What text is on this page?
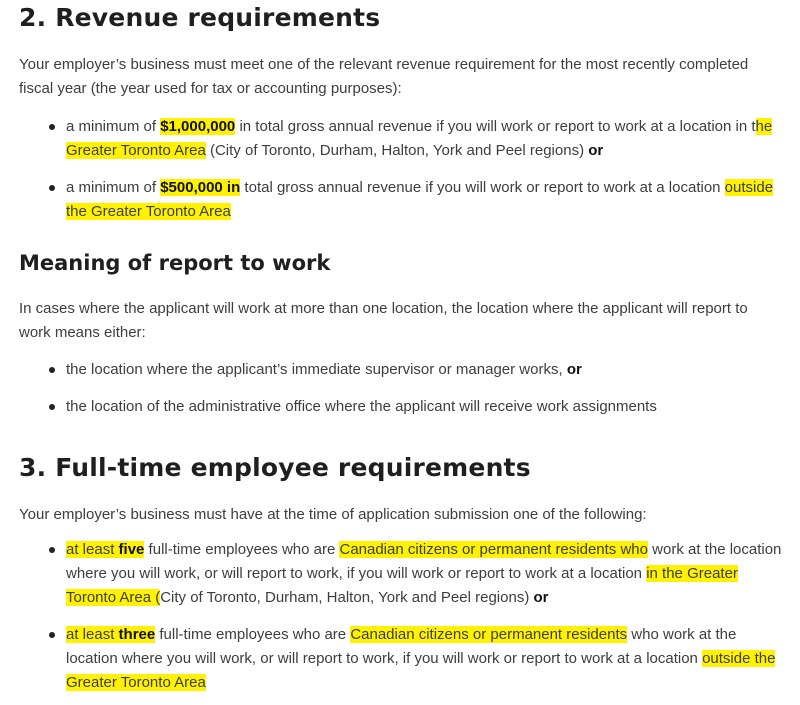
2. Revenue requirements

Your employer’s business must meet one of the relevant revenue requirement for the most recently completed fiscal year (the year used for tax or accounting purposes):

a minimum of $1,000,000 in total gross annual revenue if you will work or report to work at a location in the Greater Toronto Area (City of Toronto, Durham, Halton, York and Peel regions) or
a minimum of $500,000 in total gross annual revenue if you will work or report to work at a location outside the Greater Toronto Area
Meaning of report to work

In cases where the applicant will work at more than one location, the location where the applicant will report to work means either:

the location where the applicant’s immediate supervisor or manager works, or
the location of the administrative office where the applicant will receive work assignments
3. Full-time employee requirements

Your employer’s business must have at the time of application submission one of the following:

at least five full-time employees who are Canadian citizens or permanent residents who work at the location where you will work, or will report to work, if you will work or report to work at a location in the Greater Toronto Area (City of Toronto, Durham, Halton, York and Peel regions) or
at least three full-time employees who are Canadian citizens or permanent residents who work at the location where you will work, or will report to work, if you will work or report to work at a location outside the Greater Toronto Area
